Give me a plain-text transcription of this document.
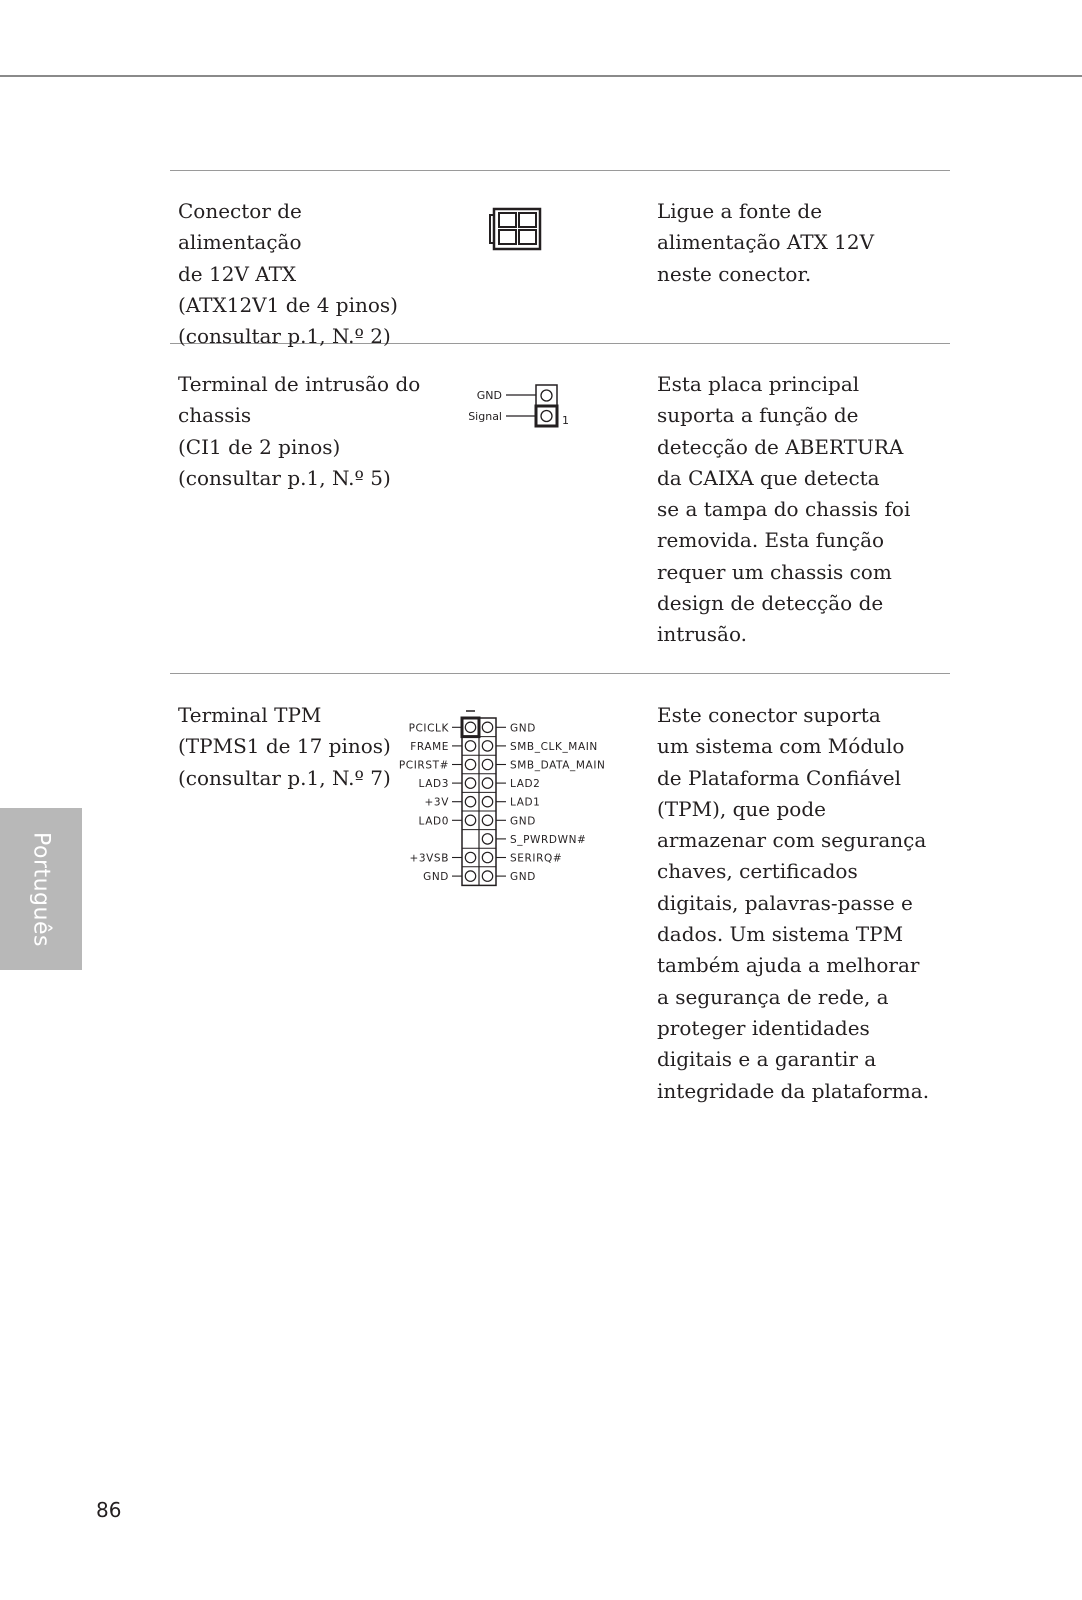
Conector de alimentação
de 12V ATX
(ATX12V1 de 4 pinos)
(consultar p.1, N.º 2)
Ligue a fonte de
alimentação ATX 12V
neste conector.
Terminal de intrusão do
chassis
(CI1 de 2 pinos)
(consultar p.1, N.º 5)
GND
Signal	1
Esta placa principal
suporta a função de
detecção de ABERTURA
da CAIXA que detecta
se a tampa do chassis foi
removida. Esta função
requer um chassis com
design de detecção de
intrusão.
Terminal TPM
(TPMS1 de 17 pinos)
(consultar p.1, N.º 7)
GND
PCICLK
SMB_CLK_MAIN
FRAME
SMB_DATA_MAIN
PCIRST#
LAD2
LAD3
LAD1
+3V
GND
LAD0
S_PWRDWN#
SERIRQ#
+3VSB
GND
GND
Este conector suporta
um sistema com Módulo
de Plataforma Confiável
(TPM), que pode
armazenar com segurança
chaves, certificados
digitais, palavras-passe e
dados. Um sistema TPM
também ajuda a melhorar
a segurança de rede, a
proteger identidades
digitais e a garantir a
integridade da plataforma.
Português
86
